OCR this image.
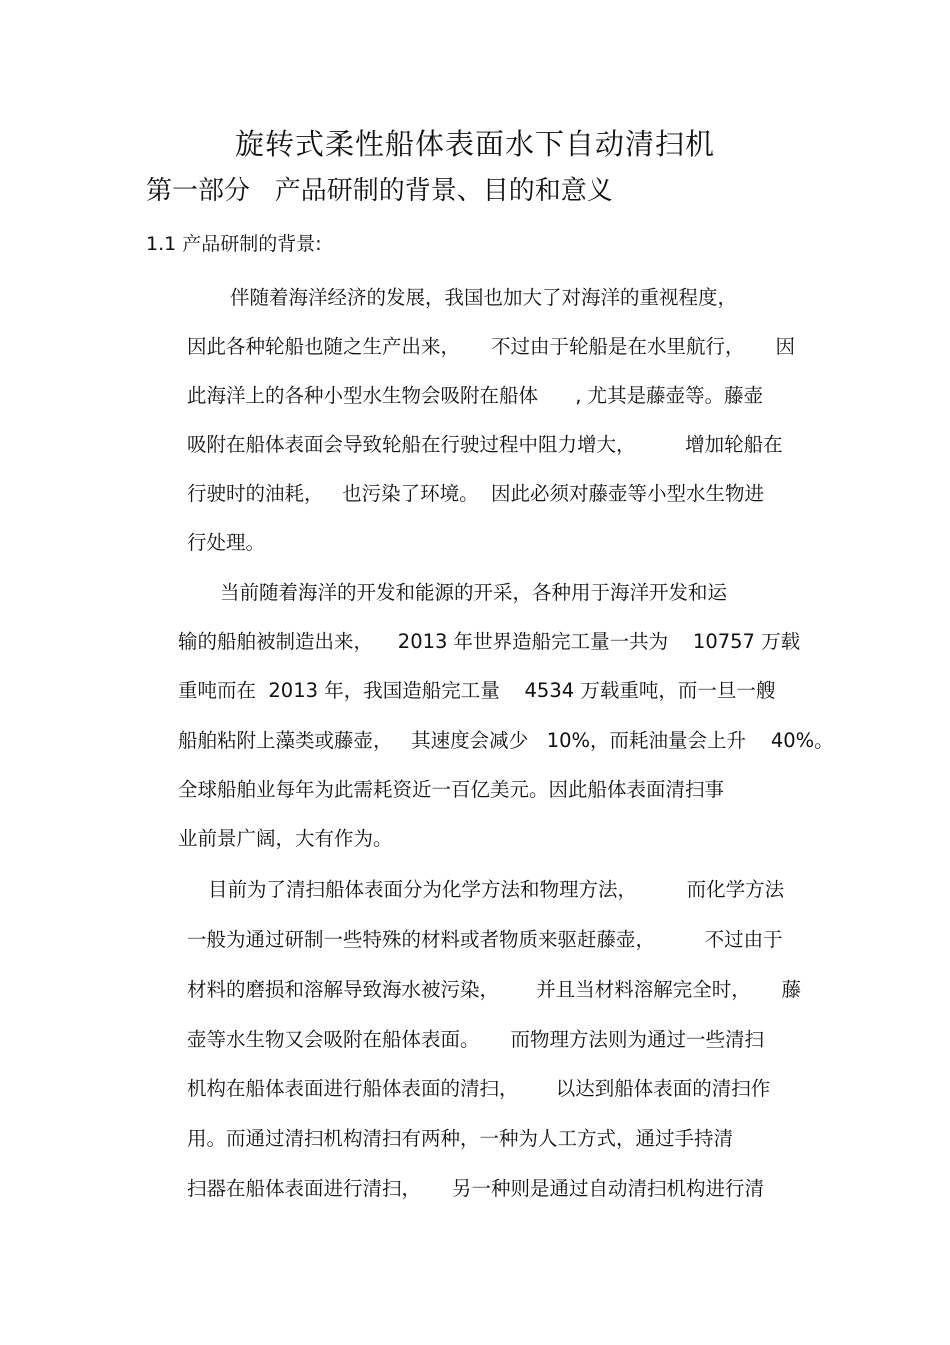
旋转式柔性船体表面水下自动清扫机
第一部分   产品研制的背景、目的和意义
1.1 产品研制的背景:
伴随着海洋经济的发展，我国也加大了对海洋的重视程度，
因此各种轮船也随之生产出来，     不过由于轮船是在水里航行，     因
此海洋上的各种小型水生物会吸附在船体      , 尤其是藤壶等。藤壶
吸附在船体表面会导致轮船在行驶过程中阻力增大，        增加轮船在
行驶时的油耗，   也污染了环境。  因此必须对藤壶等小型水生物进
行处理。
当前随着海洋的开发和能源的开采，各种用于海洋开发和运
输的船舶被制造出来，    2013 年世界造船完工量一共为    10757 万载
重吨而在  2013 年，我国造船完工量    4534 万载重吨，而一旦一艘
船舶粘附上藻类或藤壶，   其速度会减少   10%，而耗油量会上升    40%。
全球船舶业每年为此需耗资近一百亿美元。因此船体表面清扫事
业前景广阔，大有作为。
目前为了清扫船体表面分为化学方法和物理方法，        而化学方法
一般为通过研制一些特殊的材料或者物质来驱赶藤壶，        不过由于
材料的磨损和溶解导致海水被污染，      并且当材料溶解完全时，     藤
壶等水生物又会吸附在船体表面。     而物理方法则为通过一些清扫
机构在船体表面进行船体表面的清扫，      以达到船体表面的清扫作
用。而通过清扫机构清扫有两种，一种为人工方式，通过手持清
扫器在船体表面进行清扫，     另一种则是通过自动清扫机构进行清
